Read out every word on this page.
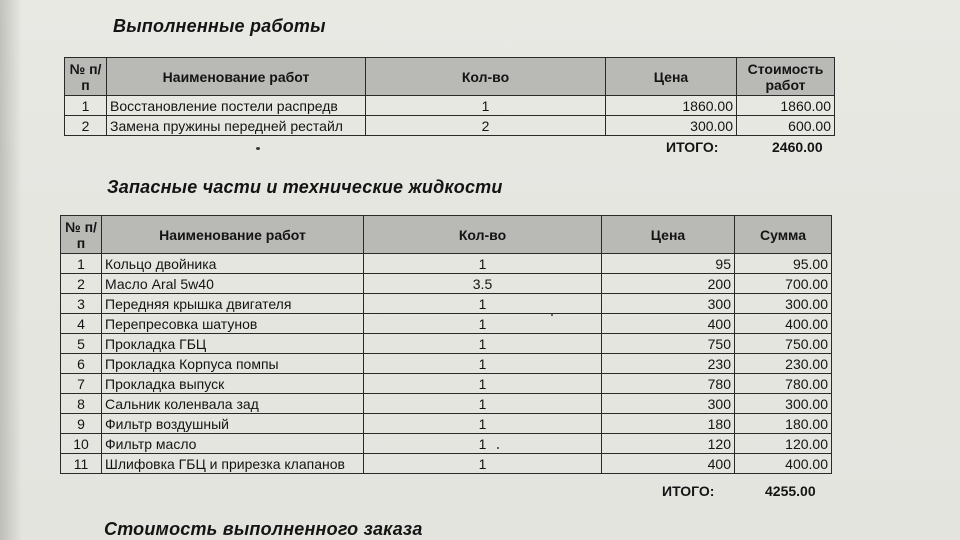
Выполненные работы
№ п/п	Наименование работ	Кол-во	Цена	Стоимость работ
1	Восстановление постели распредв	1	1860.00	1860.00
2	Замена пружины передней рестайл	2	300.00	600.00
ИТОГО:	2460.00
Запасные части и технические жидкости
№ п/п	Наименование работ	Кол-во	Цена	Сумма
1	Кольцо двойника	1	95	95.00
2	Масло Aral 5w40	3.5	200	700.00
3	Передняя крышка двигателя	1	300	300.00
4	Перепресовка шатунов	1	400	400.00
5	Прокладка ГБЦ	1	750	750.00
6	Прокладка Корпуса помпы	1	230	230.00
7	Прокладка выпуск	1	780	780.00
8	Сальник коленвала зад	1	300	300.00
9	Фильтр воздушный	1	180	180.00
10	Фильтр масло	1	120	120.00
11	Шлифовка ГБЦ и прирезка клапанов	1	400	400.00
ИТОГО:	4255.00
Стоимость выполненного заказа
